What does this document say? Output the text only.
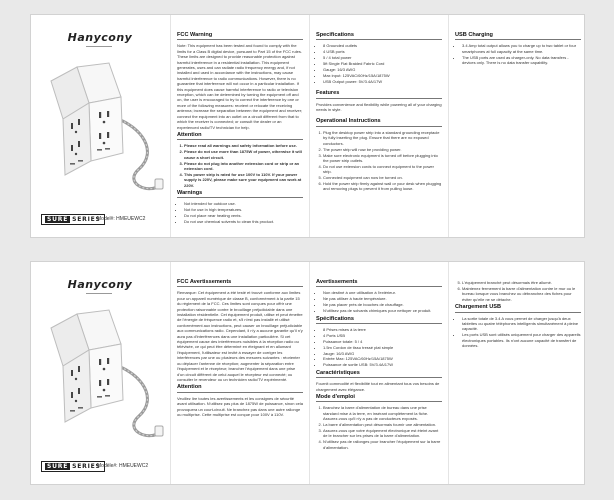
Hanycony
SURE SERIES
Model#: HMEUEWC2
FCC Warning
Note: This equipment has been tested and found to comply with the limits for a Class B digital device, pursuant to Part 15 of the FCC rules. These limits are designed to provide reasonable protection against harmful interference in a residential installation. This equipment generates, uses and can radiate radio frequency energy and, if not installed and used in accordance with the instructions, may cause harmful interference to radio communications. However, there is no guarantee that interference will not occur in a particular installation. If this equipment does cause harmful interference to radio or television reception, which can be determined by turning the equipment off and on, the user is encouraged to try to correct the interference by one or more of the following measures: reorient or relocate the receiving antenna; increase the separation between the equipment and receiver; connect the equipment into an outlet on a circuit different from that to which the receiver is connected; or consult the dealer or an experienced radio/TV technician for help.
Attention
1. Please read all warnings and safety information before use.
2. Please do not use more than 1875W of power, otherwise it will cause a short circuit.
3. Please do not plug into another extension cord or strip or an extension cord.
4. This power strip is rated for use 100V to 110V. If your power supply is 220V, please make sure your equipment can work at 220V.
Warnings
• Not intended for outdoor use.
• Not for use in high temperatures.
• Do not place near heating vents.
• Do not use chemical solvents to clean this product.
Specifications
• 8 Grounded outlets
• 4 USB ports
• 5 / 4 total power
• 5ft Single Flat Braided Fabric Cord
• Gauge: 16/3 AWG
• Max input: 125VAC/60Hz/15A/1875W
• USB Output power: 5V/3.4A/17W
Features
Provides convenience and flexibility while powering all of your charging needs in style.
Operational Instructions
1. Plug the desktop power strip into a standard grounding receptacle by fully inserting the plug. Ensure that there are no exposed conductors.
2. The power strip will now be providing power.
3. Make sure electronic equipment is turned off before plugging into the power strip outlets.
4. Do not use extension cords to connect equipment to the power strip.
5. Connected equipment can now be turned on.
6. Hold the power strip firmly against wall or your desk when plugging and removing plugs to prevent it from pulling loose.
USB Charging
• 3.4 Amp total output allows you to charge up to two tablet or four smartphones at full capacity at the same time.
• The USB ports are used as charger-only. No data transfers - devices only. There is no data transfer capability.
Hanycony
SURE SERIES
Modèle#: HMEUEWC2
FCC Avertissements
Remarque: Cet équipement a été testé et trouvé conforme aux limites pour un appareil numérique de classe B, conformément à la partie 15 du règlement de la FCC. Ces limites sont conçues pour offrir une protection raisonnable contre le brouillage préjudiciable dans une installation résidentielle. Cet équipement produit, utilise et peut émettre de l'énergie de fréquence radio et, s'il n'est pas installé et utilisé conformément aux instructions, peut causer un brouillage préjudiciable aux communications radio. Cependant, il n'y a aucune garantie qu'il n'y aura pas d'interférences dans une installation particulière. Si cet équipement cause des interférences nuisibles à la réception radio ou télévisée, ce qui peut être déterminé en éteignant et en allumant l'équipement, l'utilisateur est invité à essayer de corriger les interférences par une ou plusieurs des mesures suivantes : réorienter ou déplacer l'antenne de réception; augmenter la séparation entre l'équipement et le récepteur; brancher l'équipement dans une prise d'un circuit différent de celui auquel le récepteur est connecté; ou consulter le revendeur ou un technicien radio/TV expérimenté.
Attention
Veuillez lire toutes les avertissements et les consignes de sécurité avant utilisation. N'utilisez pas plus de 1875W de puissance, sinon cela provoquera un court-circuit. Ne branchez pas dans une autre rallonge ou multiprise. Cette multiprise est conçue pour 100V à 110V.
Avertissements
• Non destiné à une utilisation à l'extérieur.
• Ne pas utiliser à haute température.
• Ne pas placer près de bouches de chauffage.
• N'utilisez pas de solvants chimiques pour nettoyer ce produit.
Spécifications
• 8 Prises mises à la terre
• 4 Ports USB
• Puissance totale: 5 / 4
• 1.5m Cordon de tissu tressé plat simple
• Jauge: 16/3 AWG
• Entrée Max: 125VAC/60Hz/15A/1875W
• Puissance de sortie USB: 5V/3.4A/17W
Caractéristiques
Fournit commodité et flexibilité tout en alimentant tous vos besoins de chargement avec élégance.
Mode d'emploi
1. Branchez la barre d'alimentation de bureau dans une prise standard mise à la terre, en insérant complètement la fiche. Assurez-vous qu'il n'y a pas de conducteurs exposés.
2. La barre d'alimentation peut désormais fournir une alimentation.
3. Assurez-vous que votre équipement électronique est éteint avant de le brancher sur les prises de la barre d'alimentation.
4. N'utilisez pas de rallonges pour brancher l'équipement sur la barre d'alimentation.
5. L'équipement branché peut désormais être allumé.
6. Maintenez fermement la barre d'alimentation contre le mur ou le bureau lorsque vous branchez ou débranchez des fiches pour éviter qu'elle ne se détache.
Chargement USB
• La sortie totale de 3.4 A vous permet de charger jusqu'à deux tablettes ou quatre téléphones intelligents simultanément à pleine capacité.
• Les ports USB sont utilisés uniquement pour charger des appareils électroniques portables. Ils n'ont aucune capacité de transfert de données.
